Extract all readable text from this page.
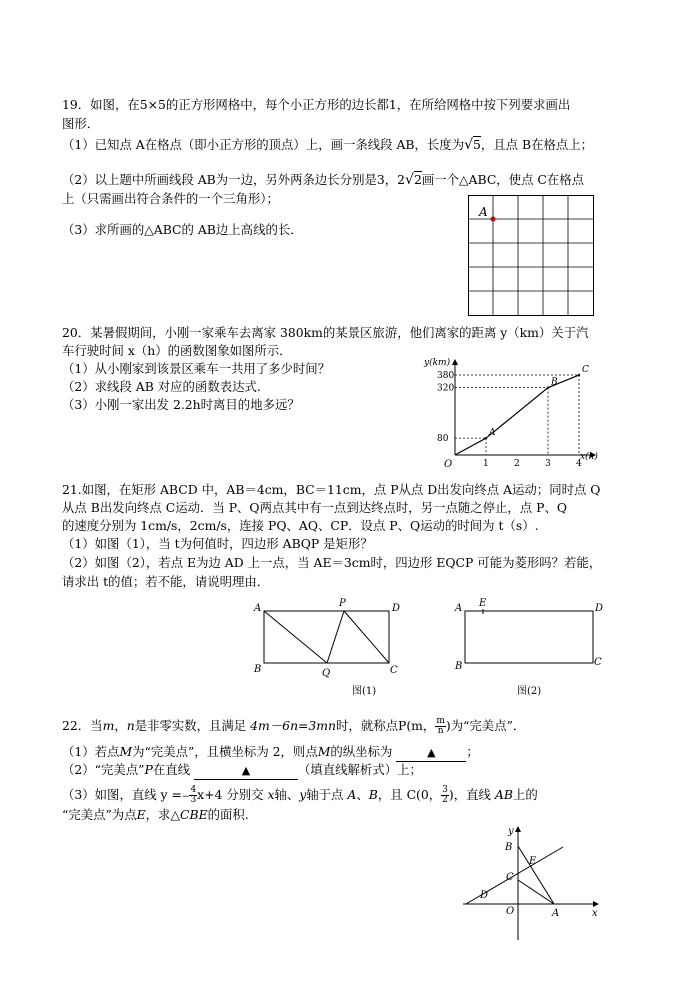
19．如图，在5×5的正方形网格中，每个小正方形的边长都1，在所给网格中按下列要求画出
图形．
（1）已知点 A在格点（即小正方形的顶点）上，画一条线段 AB，长度为√5，且点 B在格点上；
（2）以上题中所画线段 AB为一边，另外两条边长分别是3，2√2画一个△ABC，使点 C在格点
上（只需画出符合条件的一个三角形）；
（3）求所画的△ABC的 AB边上高线的长．
A
20．某暑假期间，小刚一家乘车去离家 380km的某景区旅游，他们离家的距离 y（km）关于汽
车行驶时间 x（h）的函数图象如图所示．
（1）从小刚家到该景区乘车一共用了多少时间？
（2）求线段 AB 对应的函数表达式.
（3）小刚一家出发 2.2h时离目的地多远？
y(km)
x(h)
O	1	2	3	4
80
320
380
A
B
C
21.如图，在矩形 ABCD 中，AB＝4cm，BC＝11cm，点 P从点 D出发向终点 A运动；同时点 Q
从点 B出发向终点 C运动．当 P、Q两点其中有一点到达终点时，另一点随之停止，点 P、Q
的速度分别为 1cm/s，2cm/s，连接 PQ、AQ、CP．设点 P、Q运动的时间为 t（s）.
（1）如图（1），当 t为何值时，四边形 ABQP 是矩形？
（2）如图（2），若点 E为边 AD 上一点，当 AE＝3cm时，四边形 EQCP 可能为菱形吗？若能，
请求出 t的值；若不能，请说明理由．
A
B	C
D
P
Q
图(1)
A E
B	C
D
图(2)
22．当m，n是非零实数，且满足 4m－6n=3mn时，就称点P(m， $\frac{m}{n}$ )为“完美点”．
（1）若点M为“完美点”，且横坐标为 2，则点M的纵坐标为	▲ ；
（2）“完美点”P在直线	▲	（填直线解析式）上；
（3）如图，直线 $y =- \frac{4}{3} x+4$ 分别交 x轴、y轴于点 A、B，且 C(0， $\frac{3}{2}$ )，直线 AB上的
“完美点”为点E，求△CBE的面积.
y
x
O	A
B
C
D
E
